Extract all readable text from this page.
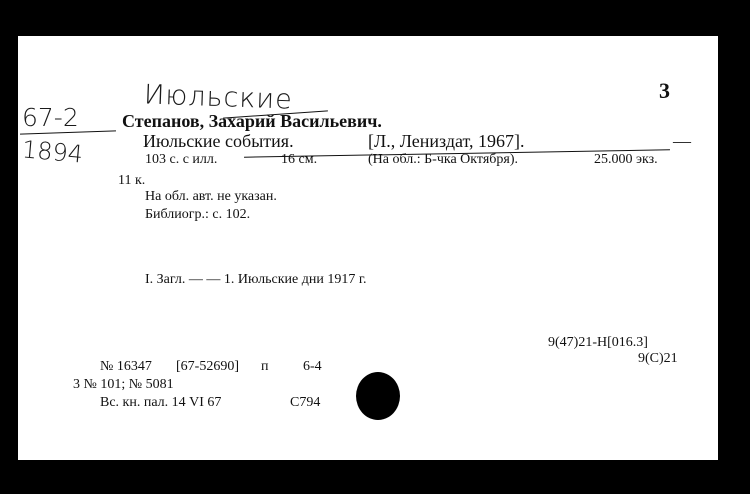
3
Июльские
67-2
1894
Степанов, Захарий Васильевич.
Июльские события.	[Л., Лениздат, 1967].	—
103 с. с илл.	16 см.	(На обл.: Б-чка Октября).	25.000 экз.
11 к.
На обл. авт. не указан.
Библиогр.: с. 102.
I. Загл. — — 1. Июльские дни 1917 г.
9(47)21-Н[016.3]
9(С)21
№ 16347 [67-52690] п 6-4
3 № 101; № 5081
Вс. кн. пал. 14 VI 67	С794
